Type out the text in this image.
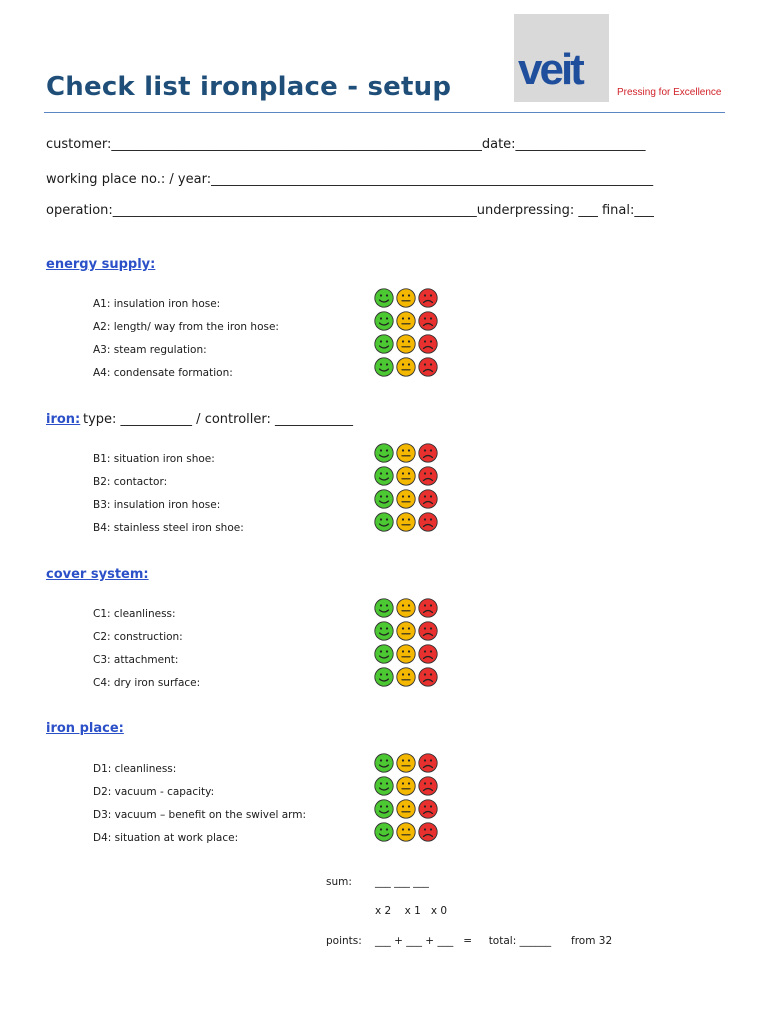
Check list ironplace - setup veit	Pressing for Excellence
customer:_________________________________________________________date:____________________
working place no.: / year:____________________________________________________________________
operation:________________________________________________________underpressing: ___ final:___
energy supply:
A1: insulation iron hose:
A2: length/ way from the iron hose:
A3: steam regulation:
A4: condensate formation:
iron: type: ___________ / controller: ____________
B1: situation iron shoe:
B2: contactor:
B3: insulation iron hose:
B4: stainless steel iron shoe:
cover system:
C1: cleanliness:
C2: construction:
C3: attachment:
C4: dry iron surface:
iron place:
D1: cleanliness:
D2: vacuum - capacity:
D3: vacuum – benefit on the swivel arm:
D4: situation at work place:
sum: ___ ___ ___
x 2    x 1   x 0
points: ___ + ___ + ___   =     total: ______ from 32
